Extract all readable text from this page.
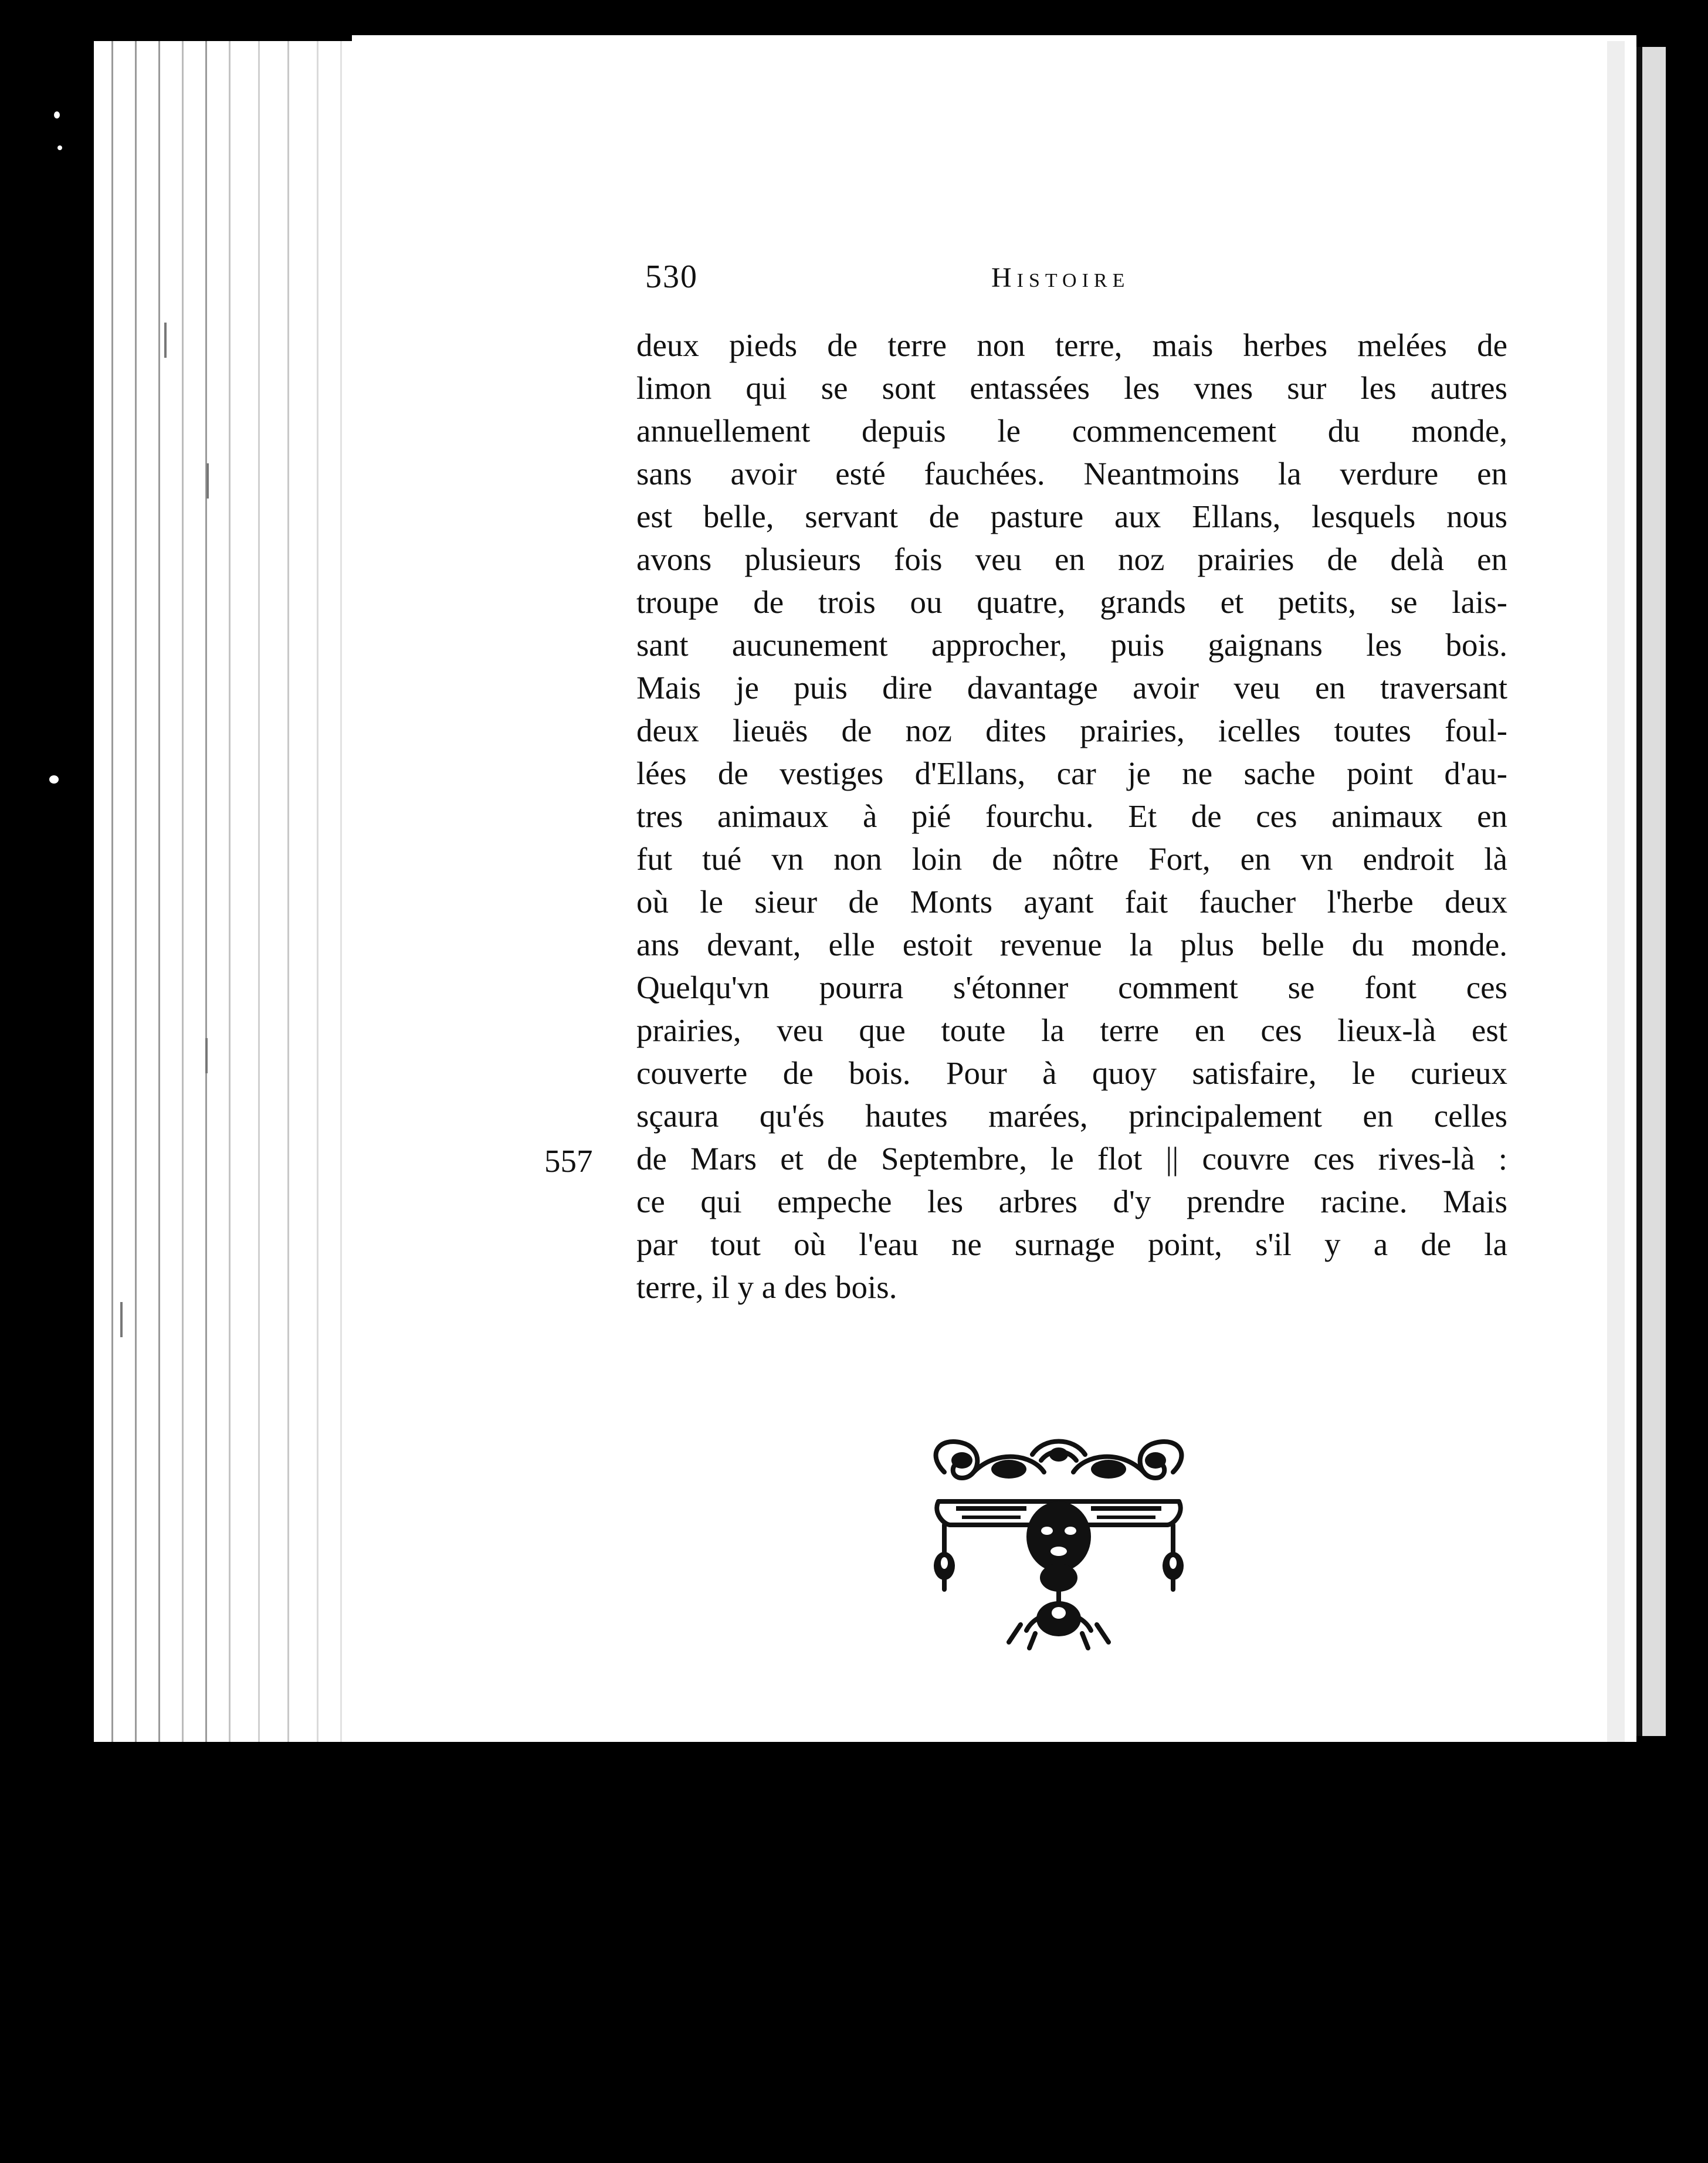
530	Histoire
557
deux pieds de terre non terre, mais herbes melées de
limon qui se sont entassées les vnes sur les autres
annuellement depuis le commencement du monde,
sans avoir esté fauchées. Neantmoins la verdure en
est belle, servant de pasture aux Ellans, lesquels nous
avons plusieurs fois veu en noz prairies de delà en
troupe de trois ou quatre, grands et petits, se lais-
sant aucunement approcher, puis gaignans les bois.
Mais je puis dire davantage avoir veu en traversant
deux lieuës de noz dites prairies, icelles toutes foul-
lées de vestiges d'Ellans, car je ne sache point d'au-
tres animaux à pié fourchu. Et de ces animaux en
fut tué vn non loin de nôtre Fort, en vn endroit là
où le sieur de Monts ayant fait faucher l'herbe deux
ans devant, elle estoit revenue la plus belle du monde.
Quelqu'vn pourra s'étonner comment se font ces
prairies, veu que toute la terre en ces lieux-là est
couverte de bois. Pour à quoy satisfaire, le curieux
sçaura qu'és hautes marées, principalement en celles
de Mars et de Septembre, le flot || couvre ces rives-là :
ce qui empeche les arbres d'y prendre racine. Mais
par tout où l'eau ne surnage point, s'il y a de la
terre, il y a des bois.
